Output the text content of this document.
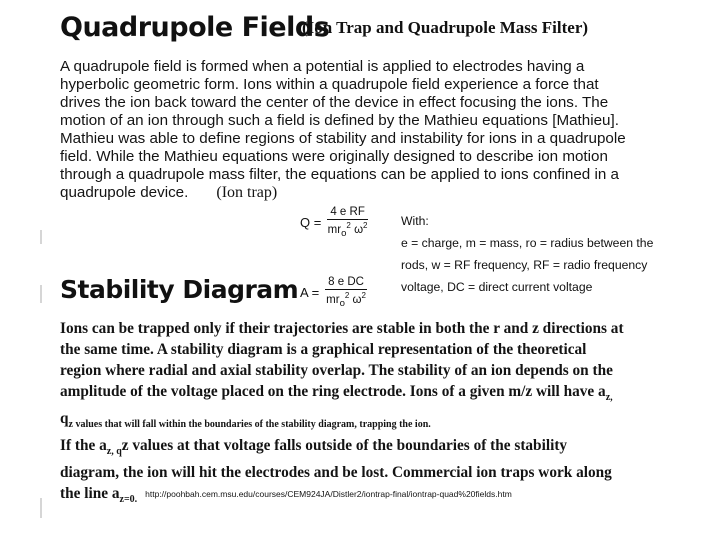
Quadrupole Fields
(Ion Trap and Quadrupole Mass Filter)
A quadrupole field is formed when a potential is applied to electrodes having a
hyperbolic geometric form. Ions within a quadrupole field experience a force that
drives the ion back toward the center of the device in effect focusing the ions. The
motion of an ion through such a field is defined by the Mathieu equations [Mathieu].
Mathieu was able to define regions of stability and instability for ions in a quadrupole
field. While the Mathieu equations were originally designed to describe ion motion
through a quadrupole mass filter, the equations can be applied to ions confined in a
quadrupole device. (Ion trap)
$Q = \frac{\text{4 e RF}}{mr_o^2 \omega^2}$
$A = \frac{\text{8 e DC}}{mr_o^2 \omega^2}$
With:
e = charge, m = mass, ro = radius between the
rods, w = RF frequency, RF = radio frequency
voltage, DC = direct current voltage
Stability Diagram
Ions can be trapped only if their trajectories are stable in both the r and z directions at
the same time. A stability diagram is a graphical representation of the theoretical
region where radial and axial stability overlap. The stability of an ion depends on the
amplitude of the voltage placed on the ring electrode. Ions of a given m/z will have $a_{z,}$
$q_{z values that will fall within the boundaries of the stability diagram, trapping the ion.}$
If the $a_{z, q}z$ values at that voltage falls outside of the boundaries of the stability
diagram, the ion will hit the electrodes and be lost. Commercial ion traps work along
the line $a_{z=0.}http://poohbah.cem.msu.edu/courses/CEM924JA/Distler2/iontrap-final/iontrap-quad\%20fields.htm$
